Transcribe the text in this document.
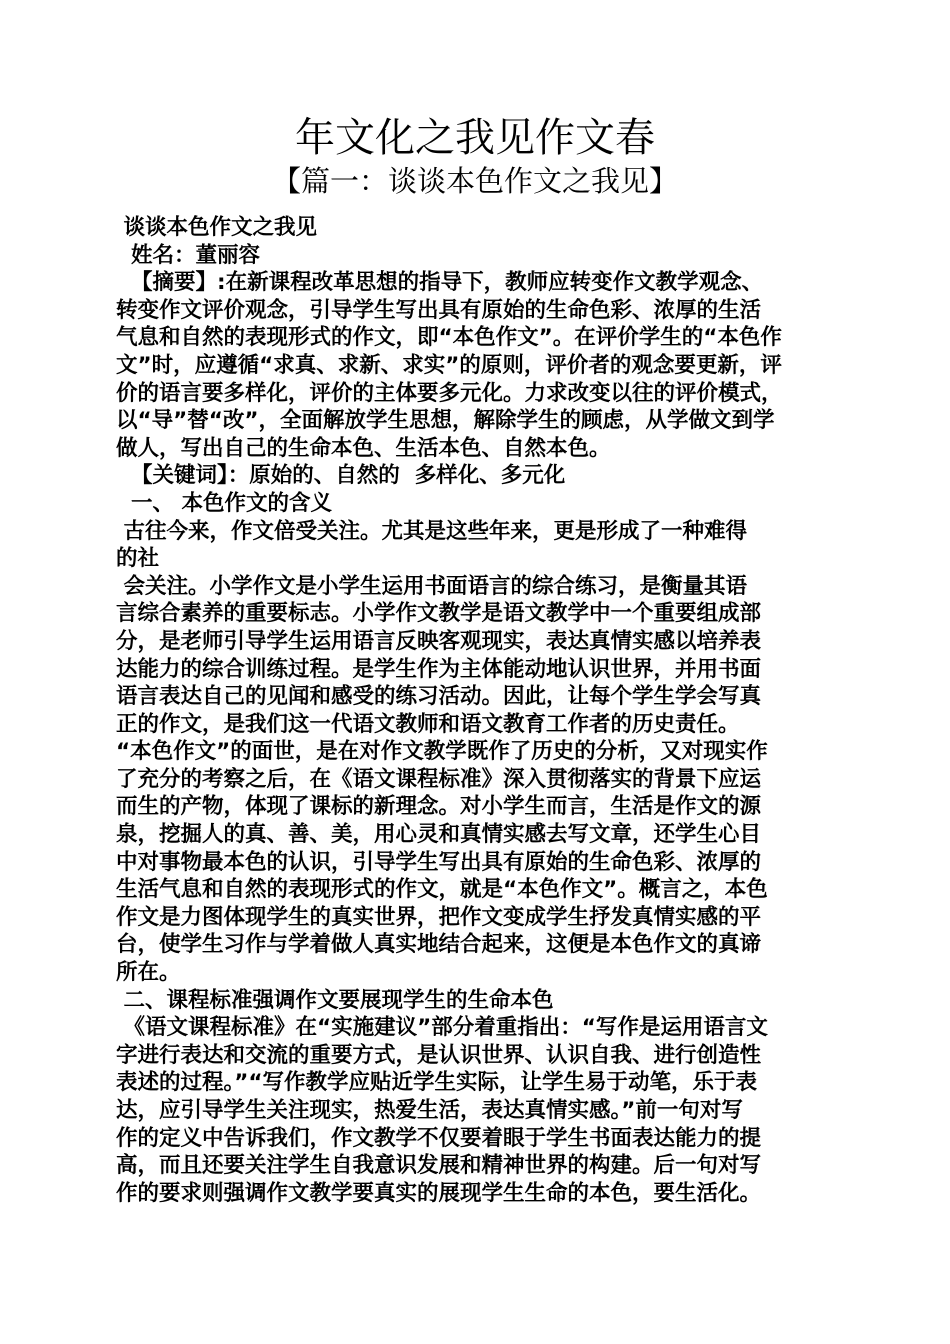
年文化之我见作文春
【篇一：谈谈本色作文之我见】
谈谈本色作文之我见
姓名：董丽容
【摘要】:在新课程改革思想的指导下，教师应转变作文教学观念、
转变作文评价观念，引导学生写出具有原始的生命色彩、浓厚的生活
气息和自然的表现形式的作文，即“本色作文”。在评价学生的“本色作
文”时，应遵循“求真、求新、求实”的原则，评价者的观念要更新，评
价的语言要多样化，评价的主体要多元化。力求改变以往的评价模式，
以“导”替“改”，全面解放学生思想，解除学生的顾虑，从学做文到学
做人，写出自己的生命本色、生活本色、自然本色。
【关键词】：原始的、自然的  多样化、多元化
一、 本色作文的含义
古往今来，作文倍受关注。尤其是这些年来，更是形成了一种难得
的社
会关注。小学作文是小学生运用书面语言的综合练习，是衡量其语
言综合素养的重要标志。小学作文教学是语文教学中一个重要组成部
分，是老师引导学生运用语言反映客观现实，表达真情实感以培养表
达能力的综合训练过程。是学生作为主体能动地认识世界，并用书面
语言表达自己的见闻和感受的练习活动。因此，让每个学生学会写真
正的作文，是我们这一代语文教师和语文教育工作者的历史责任。
“本色作文”的面世，是在对作文教学既作了历史的分析，又对现实作
了充分的考察之后，在《语文课程标准》深入贯彻落实的背景下应运
而生的产物，体现了课标的新理念。对小学生而言，生活是作文的源
泉，挖掘人的真、善、美，用心灵和真情实感去写文章，还学生心目
中对事物最本色的认识，引导学生写出具有原始的生命色彩、浓厚的
生活气息和自然的表现形式的作文，就是“本色作文”。概言之，本色
作文是力图体现学生的真实世界，把作文变成学生抒发真情实感的平
台，使学生习作与学着做人真实地结合起来，这便是本色作文的真谛
所在。
二、课程标准强调作文要展现学生的生命本色
《语文课程标准》在“实施建议”部分着重指出：“写作是运用语言文
字进行表达和交流的重要方式，是认识世界、认识自我、进行创造性
表述的过程。”“写作教学应贴近学生实际，让学生易于动笔，乐于表
达，应引导学生关注现实，热爱生活，表达真情实感。”前一句对写
作的定义中告诉我们，作文教学不仅要着眼于学生书面表达能力的提
高，而且还要关注学生自我意识发展和精神世界的构建。后一句对写
作的要求则强调作文教学要真实的展现学生生命的本色，要生活化。
